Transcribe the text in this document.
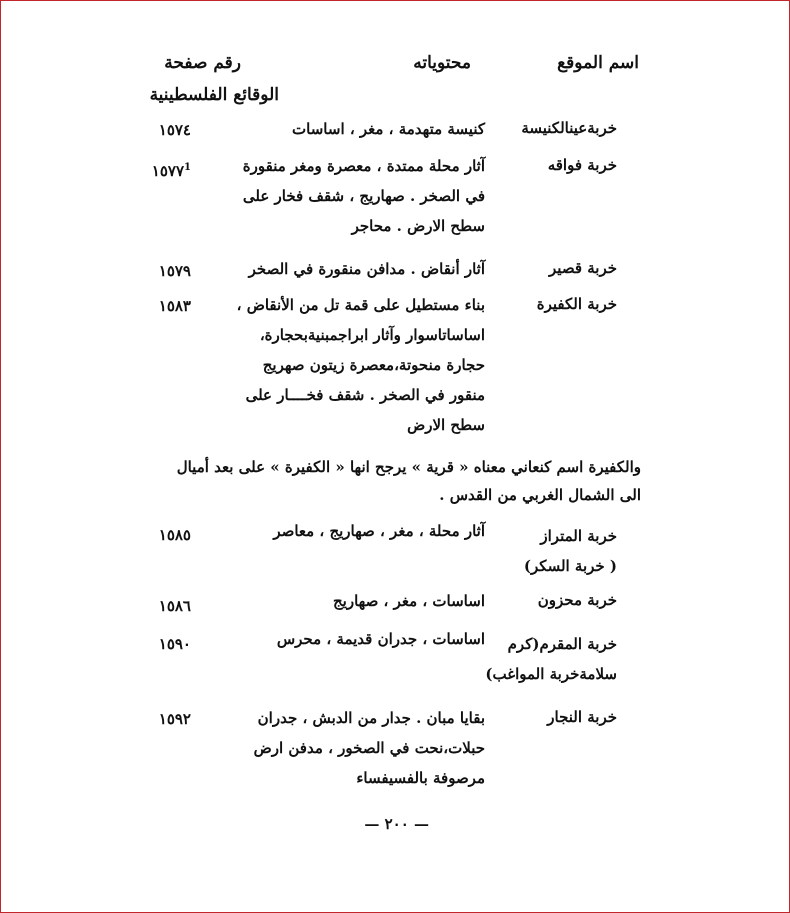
اسم الموقع
محتوياته
رقم صفحة
الوقائع الفلسطينية
خربةعينالكنيسة
كنيسة متهدمة ، مغر ، اساسات
١٥٧٤
خربة فواقه
آثار محلة ممتدة ، معصرة ومغر منقورة
في الصخر . صهاريج ، شقف فخار على
سطح الارض . محاجر
١٥٧٧$^1$
خربة قصير
آثار أنقاض . مدافن منقورة في الصخر
١٥٧٩
خربة الكفيرة
بناء مستطيل على قمة تل من الأنقاض ،
اساساتاسوار وآثار ابراجمبنيةبحجارة،
حجارة منحوتة،معصرة زيتون صهريج
منقور في الصخر . شقف فخــــار على
سطح الارض
١٥٨٣
والكفيرة اسم كنعاني معناه « قرية » يرجح انها « الكفيرة » على بعد أميال
الى الشمال الغربي من القدس .
خربة المتراز
( خربة السكر)
آثار محلة ، مغر ، صهاريج ، معاصر
١٥٨٥
خربة محزون
اساسات ، مغر ، صهاريج
١٥٨٦
خربة المقرم(كرم
سلامةخربة المواغب)
اساسات ، جدران قديمة ، محرس
١٥٩٠
خربة النجار
بقايا مبان . جدار من الدبش ، جدران
حبلات،نحت في الصخور ، مدفن ارض
مرصوفة بالفسيفساء
١٥٩٢
— ٢٠٠ —
